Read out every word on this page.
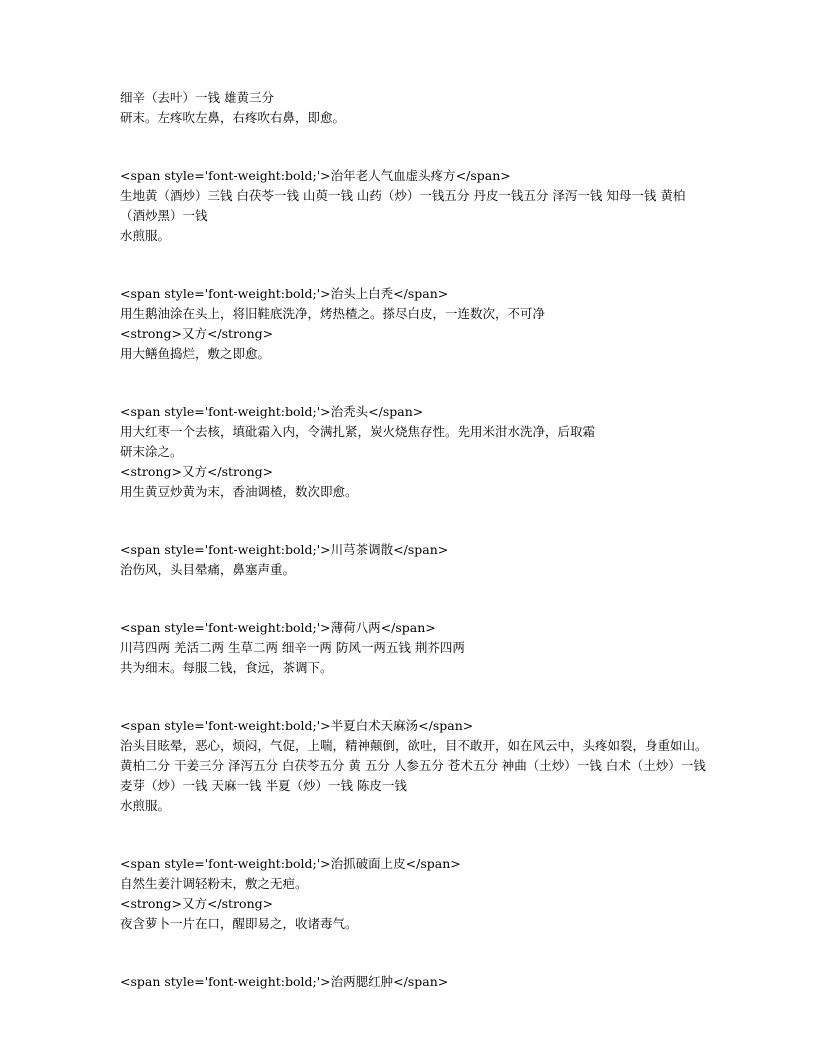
细辛（去叶）一钱 雄黄三分

研末。左疼吹左鼻，右疼吹右鼻，即愈。

<span style='font-weight:bold;'>治年老人气血虚头疼方</span>

生地黄（酒炒）三钱 白茯苓一钱 山萸一钱 山药（炒）一钱五分 丹皮一钱五分 泽泻一钱 知母一钱 黄柏（酒炒黑）一钱

水煎服。

<span style='font-weight:bold;'>治头上白秃</span>

用生鹅油涂在头上，将旧鞋底洗净，烤热楂之。搽尽白皮，一连数次，不可净

<strong>又方</strong>

用大鳝鱼捣烂，敷之即愈。

<span style='font-weight:bold;'>治秃头</span>

用大红枣一个去核，填砒霜入内，令满扎紧，炭火烧焦存性。先用米泔水洗净，后取霜

研末涂之。

<strong>又方</strong>

用生黄豆炒黄为末，香油调楂，数次即愈。

<span style='font-weight:bold;'>川芎茶调散</span>

治伤风，头目晕痛，鼻塞声重。

<span style='font-weight:bold;'>薄荷八两</span>

川芎四两 羌活二两 生草二两 细辛一两 防风一两五钱 荆芥四两

共为细末。每服二钱，食远，茶调下。

<span style='font-weight:bold;'>半夏白术天麻汤</span>

治头目眩晕，恶心，烦闷，气促，上喘，精神颠倒，欲吐，目不敢开，如在风云中，头疼如裂，身重如山。

黄柏二分 干姜三分 泽泻五分 白茯苓五分 黄 五分 人参五分 苍术五分 神曲（土炒）一钱 白术（土炒）一钱 麦芽（炒）一钱 天麻一钱 半夏（炒）一钱 陈皮一钱

水煎服。

<span style='font-weight:bold;'>治抓破面上皮</span>

自然生姜汁调轻粉末，敷之无疤。

<strong>又方</strong>

夜含萝卜一片在口，醒即易之，收诸毒气。

<span style='font-weight:bold;'>治两腮红肿</span>
